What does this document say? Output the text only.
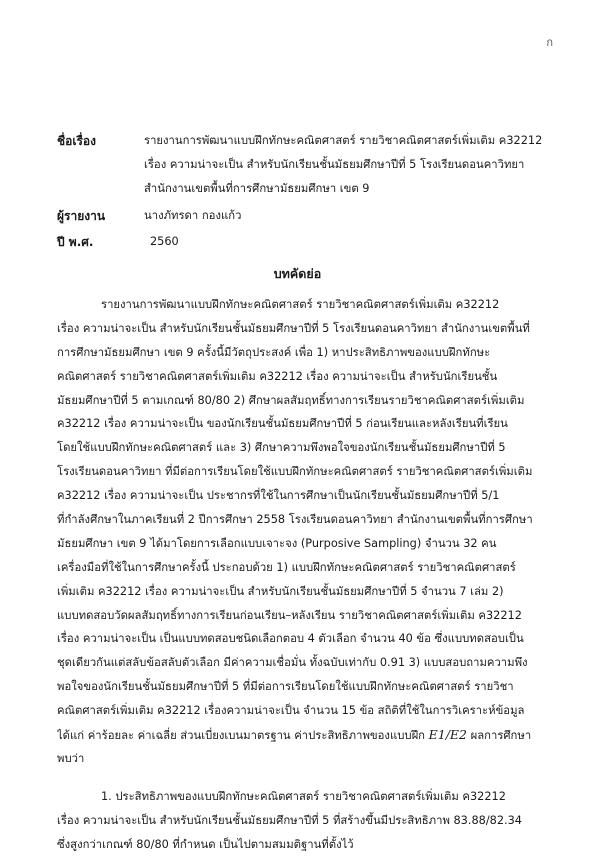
ก
ชื่อเรื่อง	รายงานการพัฒนาแบบฝึกทักษะคณิตศาสตร์ รายวิชาคณิตศาสตร์เพิ่มเติม ค32212
เรื่อง ความน่าจะเป็น สำหรับนักเรียนชั้นมัธยมศึกษาปีที่ 5 โรงเรียนดอนคาวิทยา
สำนักงานเขตพื้นที่การศึกษามัธยมศึกษา เขต 9
ผู้รายงาน	นางภัทรดา กองแก้ว
ปี พ.ศ.	2560
บทคัดย่อ
รายงานการพัฒนาแบบฝึกทักษะคณิตศาสตร์ รายวิชาคณิตศาสตร์เพิ่มเติม ค32212
เรื่อง ความน่าจะเป็น สำหรับนักเรียนชั้นมัธยมศึกษาปีที่ 5 โรงเรียนดอนคาวิทยา สำนักงานเขตพื้นที่
การศึกษามัธยมศึกษา เขต 9 ครั้งนี้มีวัตถุประสงค์ เพื่อ 1) หาประสิทธิภาพของแบบฝึกทักษะ
คณิตศาสตร์ รายวิชาคณิตศาสตร์เพิ่มเติม ค32212 เรื่อง ความน่าจะเป็น สำหรับนักเรียนชั้น
มัธยมศึกษาปีที่ 5 ตามเกณฑ์ 80/80 2) ศึกษาผลสัมฤทธิ์ทางการเรียนรายวิชาคณิตศาสตร์เพิ่มเติม
ค32212 เรื่อง ความน่าจะเป็น ของนักเรียนชั้นมัธยมศึกษาปีที่ 5 ก่อนเรียนและหลังเรียนที่เรียน
โดยใช้แบบฝึกทักษะคณิตศาสตร์ และ 3) ศึกษาความพึงพอใจของนักเรียนชั้นมัธยมศึกษาปีที่ 5
โรงเรียนดอนคาวิทยา ที่มีต่อการเรียนโดยใช้แบบฝึกทักษะคณิตศาสตร์ รายวิชาคณิตศาสตร์เพิ่มเติม
ค32212 เรื่อง ความน่าจะเป็น ประชากรที่ใช้ในการศึกษาเป็นนักเรียนชั้นมัธยมศึกษาปีที่ 5/1
ที่กำลังศึกษาในภาคเรียนที่ 2 ปีการศึกษา 2558 โรงเรียนดอนคาวิทยา สำนักงานเขตพื้นที่การศึกษา
มัธยมศึกษา เขต 9 ได้มาโดยการเลือกแบบเจาะจง (Purposive Sampling) จำนวน 32 คน
เครื่องมือที่ใช้ในการศึกษาครั้งนี้ ประกอบด้วย 1) แบบฝึกทักษะคณิตศาสตร์ รายวิชาคณิตศาสตร์
เพิ่มเติม ค32212 เรื่อง ความน่าจะเป็น สำหรับนักเรียนชั้นมัธยมศึกษาปีที่ 5 จำนวน 7 เล่ม 2)
แบบทดสอบวัดผลสัมฤทธิ์ทางการเรียนก่อนเรียน–หลังเรียน รายวิชาคณิตศาสตร์เพิ่มเติม ค32212
เรื่อง ความน่าจะเป็น เป็นแบบทดสอบชนิดเลือกตอบ 4 ตัวเลือก จำนวน 40 ข้อ ซึ่งแบบทดสอบเป็น
ชุดเดียวกันแต่สลับข้อสลับตัวเลือก มีค่าความเชื่อมั่น ทั้งฉบับเท่ากับ 0.91 3) แบบสอบถามความพึง
พอใจของนักเรียนชั้นมัธยมศึกษาปีที่ 5 ที่มีต่อการเรียนโดยใช้แบบฝึกทักษะคณิตศาสตร์ รายวิชา
คณิตศาสตร์เพิ่มเติม ค32212 เรื่องความน่าจะเป็น จำนวน 15 ข้อ สถิติที่ใช้ในการวิเคราะห์ข้อมูล
ได้แก่ ค่าร้อยละ ค่าเฉลี่ย ส่วนเบี่ยงเบนมาตรฐาน ค่าประสิทธิภาพของแบบฝึก E1/E2 ผลการศึกษา
พบว่า
1. ประสิทธิภาพของแบบฝึกทักษะคณิตศาสตร์ รายวิชาคณิตศาสตร์เพิ่มเติม ค32212
เรื่อง ความน่าจะเป็น สำหรับนักเรียนชั้นมัธยมศึกษาปีที่ 5 ที่สร้างขึ้นมีประสิทธิภาพ 83.88/82.34
ซึ่งสูงกว่าเกณฑ์ 80/80 ที่กำหนด เป็นไปตามสมมติฐานที่ตั้งไว้
